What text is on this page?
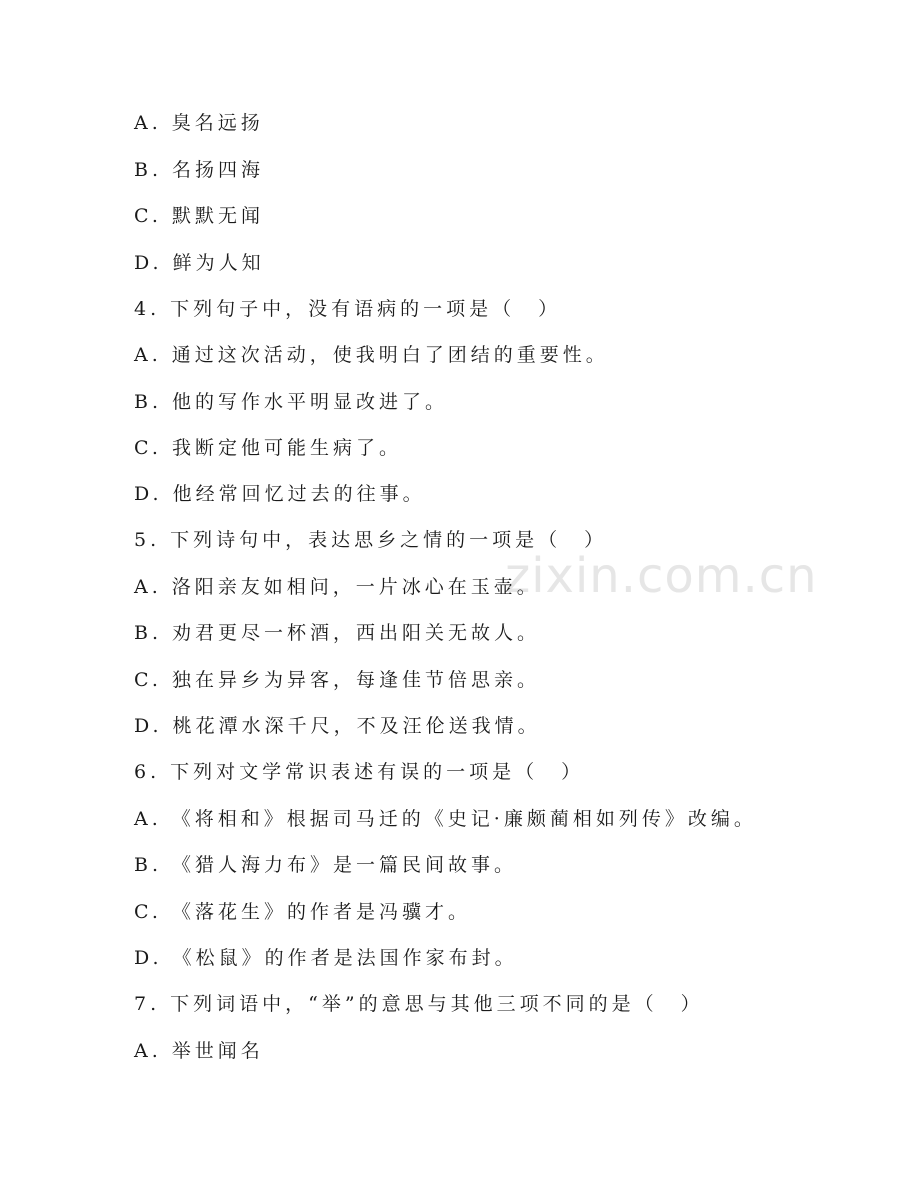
zixin.com.cn
A. 臭名远扬
B. 名扬四海
C. 默默无闻
D. 鲜为人知
4. 下列句子中，没有语病的一项是（　）
A. 通过这次活动，使我明白了团结的重要性。
B. 他的写作水平明显改进了。
C. 我断定他可能生病了。
D. 他经常回忆过去的往事。
5. 下列诗句中，表达思乡之情的一项是（　）
A. 洛阳亲友如相问，一片冰心在玉壶。
B. 劝君更尽一杯酒，西出阳关无故人。
C. 独在异乡为异客，每逢佳节倍思亲。
D. 桃花潭水深千尺，不及汪伦送我情。
6. 下列对文学常识表述有误的一项是（　）
A. 《将相和》根据司马迁的《史记·廉颇蔺相如列传》改编。
B. 《猎人海力布》是一篇民间故事。
C. 《落花生》的作者是冯骥才。
D. 《松鼠》的作者是法国作家布封。
7. 下列词语中，“举”的意思与其他三项不同的是（　）
A. 举世闻名
